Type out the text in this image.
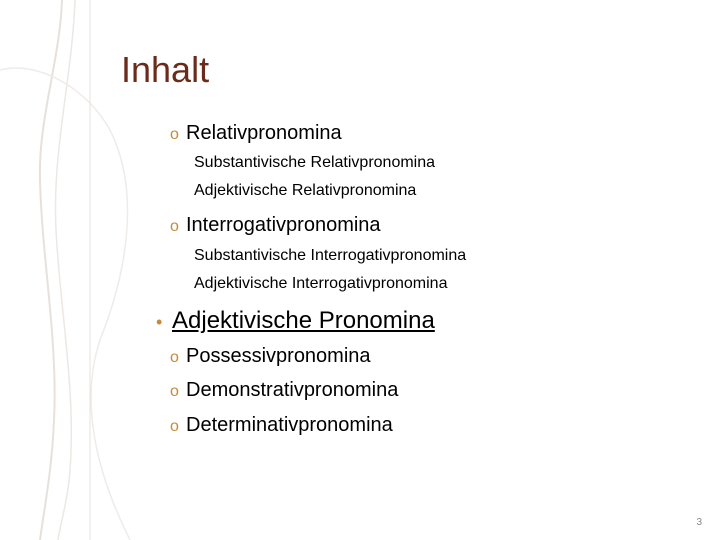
Inhalt
o Relativpronomina
Substantivische Relativpronomina
Adjektivische Relativpronomina
o Interrogativpronomina
Substantivische Interrogativpronomina
Adjektivische Interrogativpronomina
• Adjektivische Pronomina
o Possessivpronomina
o Demonstrativpronomina
o Determinativpronomina
3
